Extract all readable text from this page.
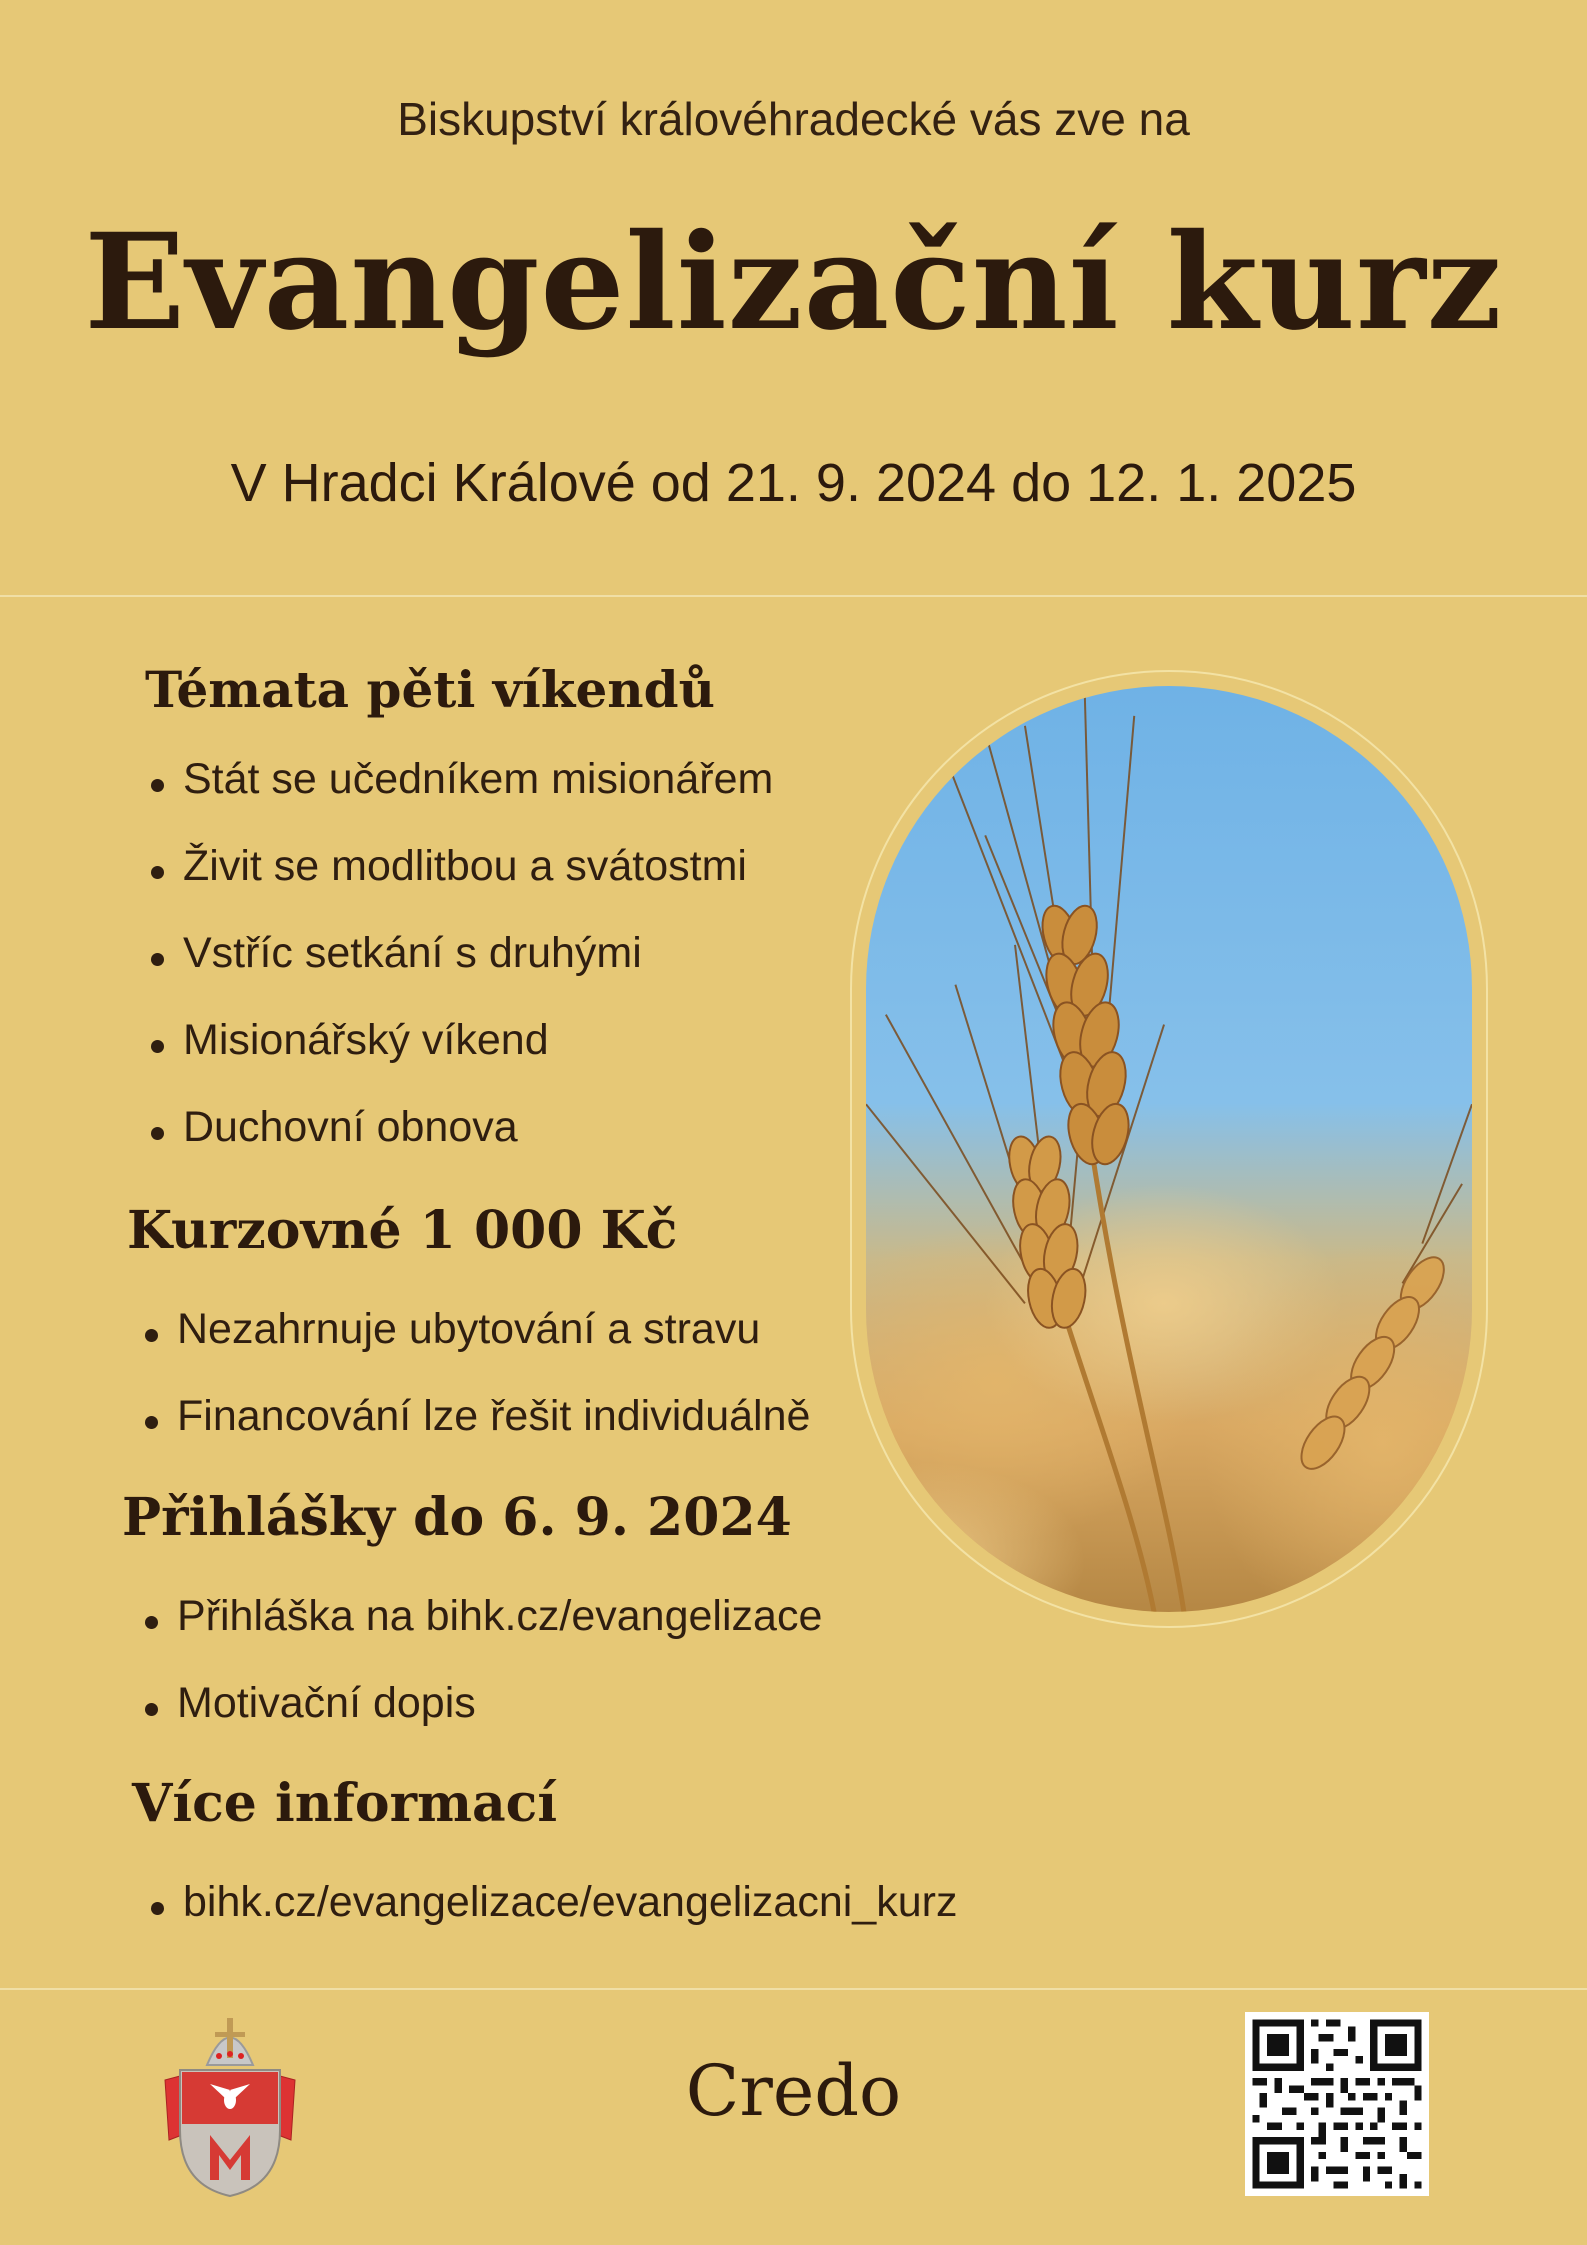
Biskupství královéhradecké vás zve na
Evangelizační kurz
V Hradci Králové od 21. 9. 2024 do 12. 1. 2025
Témata pěti víkendů
Stát se učedníkem misionářem
Živit se modlitbou a svátostmi
Vstříc setkání s druhými
Misionářský víkend
Duchovní obnova
Kurzovné 1 000 Kč
Nezahrnuje ubytování a stravu
Financování lze řešit individuálně
Přihlášky do 6. 9. 2024
Přihláška na bihk.cz/evangelizace
Motivační dopis
Více informací
bihk.cz/evangelizace/evangelizacni_kurz
Credo
